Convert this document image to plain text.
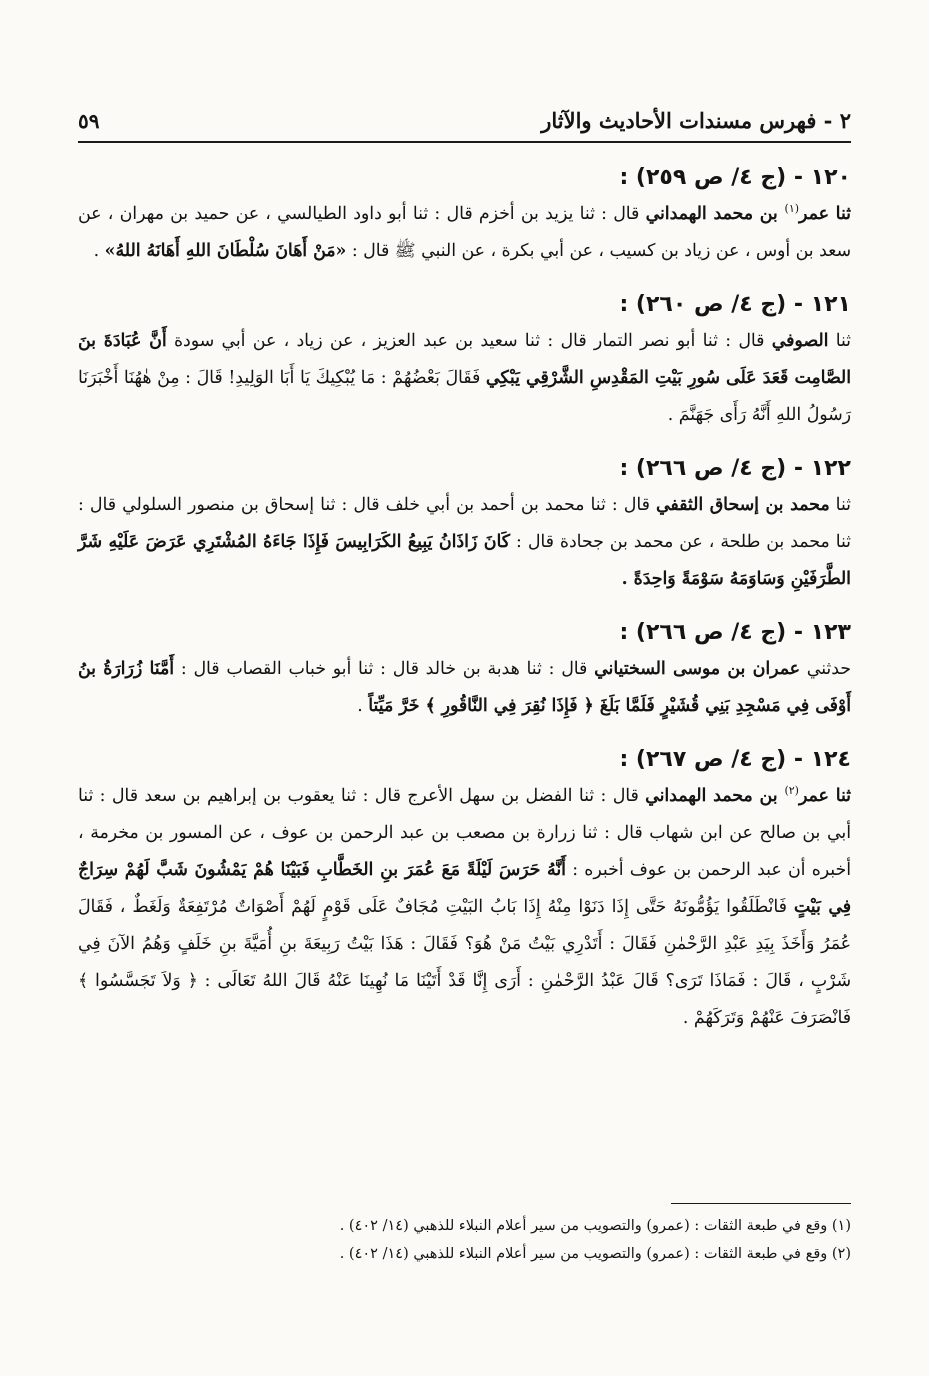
٢ - فهرس مسندات الأحاديث والآثار
٥٩
١٢٠ - (ج ٤/ ص ٢٥٩) :
ثنا عمر$^{(١)}$ بن محمد الهمداني قال : ثنا يزيد بن أخزم قال : ثنا أبو داود الطيالسي ، عن حميد بن مهران ، عن سعد بن أوس ، عن زياد بن كسيب ، عن أبي بكرة ، عن النبي ﷺ قال : «مَنْ أَهَانَ سُلْطَانَ اللهِ أَهَانَهُ اللهُ» .
١٢١ - (ج ٤/ ص ٢٦٠) :
ثنا الصوفي قال : ثنا أبو نصر التمار قال : ثنا سعيد بن عبد العزيز ، عن زياد ، عن أبي سودة أَنَّ عُبَادَةَ بنَ الصَّامِت قَعَدَ عَلَى سُورِ بَيْتِ المَقْدِسِ الشَّرْقِي يَبْكِي فَقَالَ بَعْضُهُمْ : مَا يُبْكِيكَ يَا أَبَا الوَلِيدِ! قَالَ : مِنْ هٰهُنَا أَخْبَرَنَا رَسُولُ اللهِ أَنَّهُ رَأَى جَهَنَّمَ .
١٢٢ - (ج ٤/ ص ٢٦٦) :
ثنا محمد بن إسحاق الثقفي قال : ثنا محمد بن أحمد بن أبي خلف قال : ثنا إسحاق بن منصور السلولي قال : ثنا محمد بن طلحة ، عن محمد بن جحادة قال : كَانَ زَاذَانُ يَبِيعُ الكَرَابِيسَ فَإِذَا جَاءَهُ المُشْتَرِي عَرَضَ عَلَيْهِ شَرَّ الطَّرَفَيْنِ وَسَاوَمَهُ سَوْمَةً وَاحِدَةً .
١٢٣ - (ج ٤/ ص ٢٦٦) :
حدثني عمران بن موسى السختياني قال : ثنا هدبة بن خالد قال : ثنا أبو خباب القصاب قال : أَمَّنَا زُرَارَةُ بنُ أَوْفَى فِي مَسْجِدِ بَنِي قُشَيْرٍ فَلَمَّا بَلَغَ ﴿ فَإِذَا نُقِرَ فِي النَّاقُورِ ﴾ خَرَّ مَيِّتاً .
١٢٤ - (ج ٤/ ص ٢٦٧) :
ثنا عمر$^{(٢)}$ بن محمد الهمداني قال : ثنا الفضل بن سهل الأعرج قال : ثنا يعقوب بن إبراهيم بن سعد قال : ثنا أبي بن صالح عن ابن شهاب قال : ثنا زرارة بن مصعب بن عبد الرحمن بن عوف ، عن المسور بن مخرمة ، أخبره أن عبد الرحمن بن عوف أخبره : أَنَّهُ حَرَسَ لَيْلَةً مَعَ عُمَرَ بنِ الخَطَّابِ فَبَيْنَا هُمْ يَمْشُونَ شَبَّ لَهُمْ سِرَاجٌ فِي بَيْتٍ فَانْطَلَقُوا يَؤُمُّونَهُ حَتَّى إِذَا دَنَوْا مِنْهُ إِذَا بَابُ البَيْتِ مُجَافٌ عَلَى قَوْمٍ لَهُمْ أَصْوَاتٌ مُرْتَفِعَةٌ وَلَغَطٌ ، فَقَالَ عُمَرُ وَأَخَذَ بِيَدِ عَبْدِ الرَّحْمٰنِ فَقَالَ : أَتَدْرِي بَيْتُ مَنْ هُوَ؟ فَقَالَ : هَذَا بَيْتُ رَبِيعَةَ بنِ أُمَيَّةَ بنِ خَلَفٍ وَهُمُ الآنَ فِي شَرْبٍ ، قَالَ : فَمَاذَا تَرَى؟ قَالَ عَبْدُ الرَّحْمٰنِ : أَرَى إِنَّا قَدْ أَتَيْنَا مَا نُهِينَا عَنْهُ قَالَ اللهُ تَعَالَى : ﴿ وَلاَ تَجَسَّسُوا ﴾ فَانْصَرَفَ عَنْهُمْ وَتَرَكَهُمْ .
(١) وقع في طبعة الثقات : (عمرو) والتصويب من سير أعلام النبلاء للذهبي (١٤/ ٤٠٢) .
(٢) وقع في طبعة الثقات : (عمرو) والتصويب من سير أعلام النبلاء للذهبي (١٤/ ٤٠٢) .
